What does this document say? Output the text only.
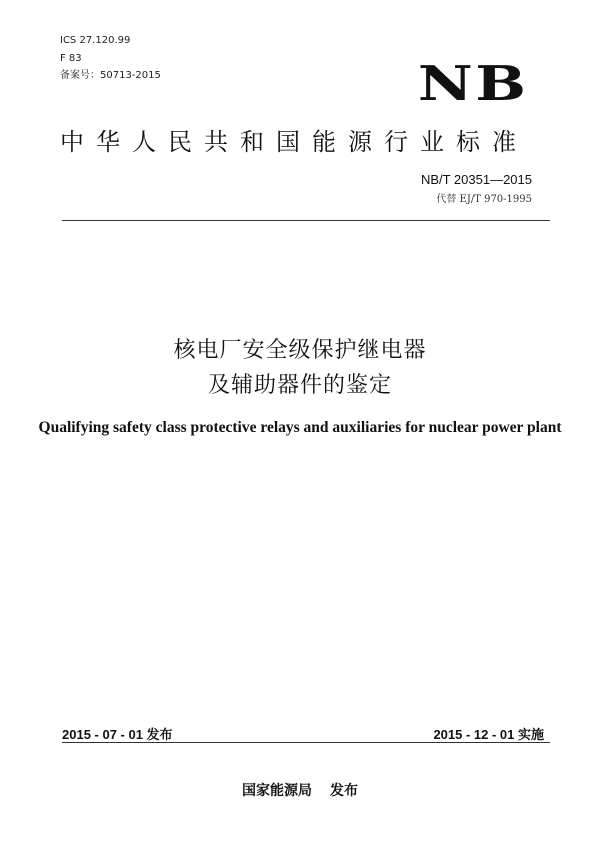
ICS 27.120.99
F 83
备案号：50713-2015	NB
中华人民共和国能源行业标准
NB/T 20351—2015
代替 EJ/T 970-1995
核电厂安全级保护继电器
及辅助器件的鉴定
Qualifying safety class protective relays and auxiliaries for nuclear power plant
2015 - 07 - 01 发布	2015 - 12 - 01 实施
国家能源局 发布
